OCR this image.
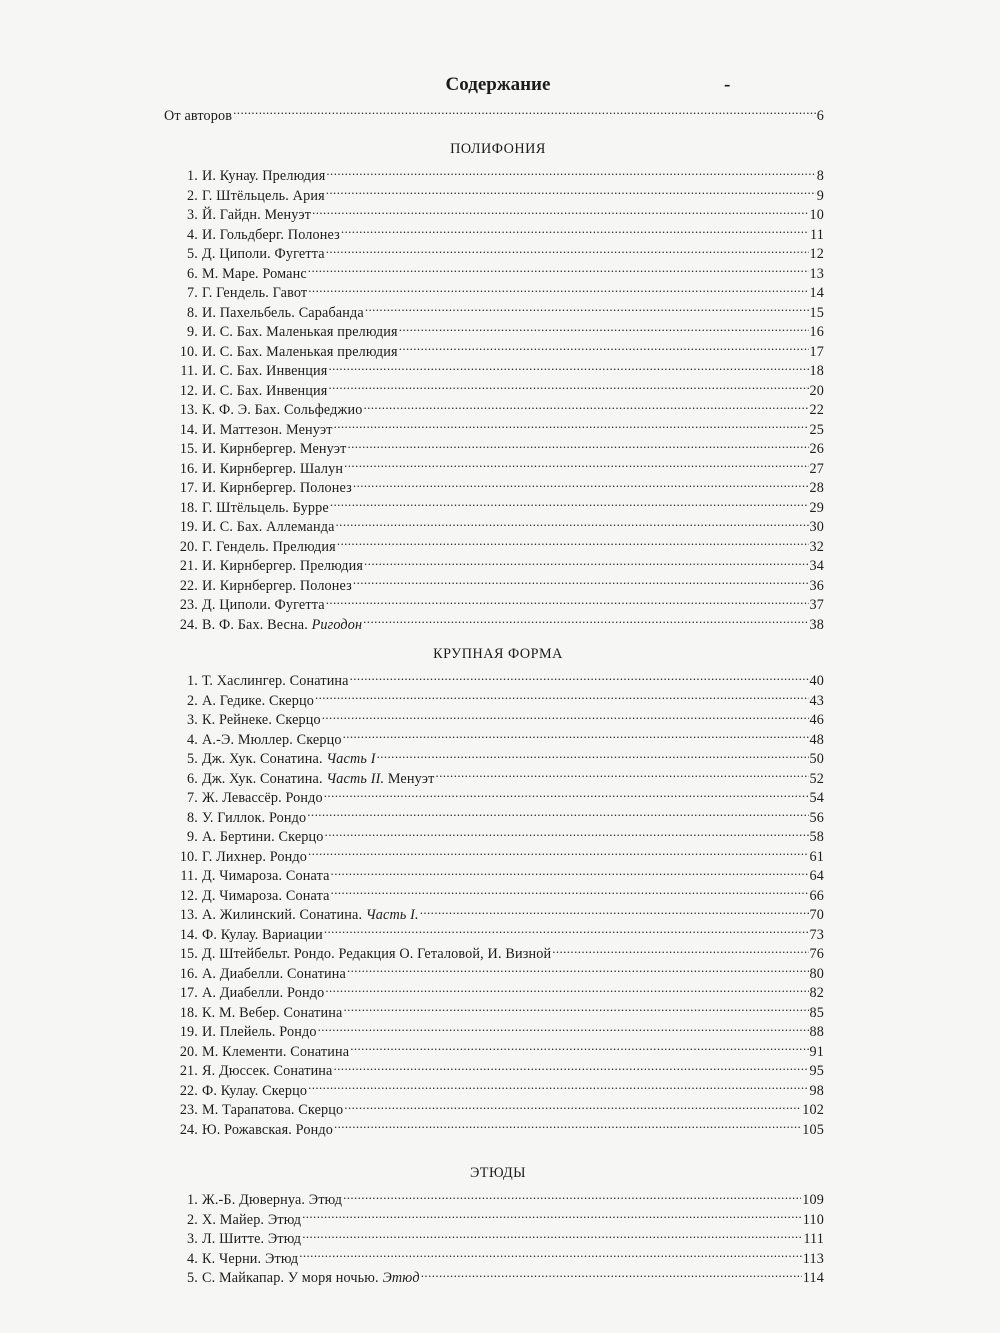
Содержание	-
От авторов .....	6
ПОЛИФОНИЯ
1. И. Кунау. Прелюдия .....	8
2. Г. Штёльцель. Ария .....	9
3. Й. Гайдн. Менуэт .....	10
4. И. Гольдберг. Полонез .....	11
5. Д. Циполи. Фугетта .....	12
6. М. Маре. Романс .....	13
7. Г. Гендель. Гавот .....	14
8. И. Пахельбель. Сарабанда .....	15
9. И. С. Бах. Маленькая прелюдия .....	16
10. И. С. Бах. Маленькая прелюдия .....	17
11. И. С. Бах. Инвенция .....	18
12. И. С. Бах. Инвенция .....	20
13. К. Ф. Э. Бах. Сольфеджио .....	22
14. И. Маттезон. Менуэт .....	25
15. И. Кирнбергер. Менуэт .....	26
16. И. Кирнбергер. Шалун .....	27
17. И. Кирнбергер. Полонез .....	28
18. Г. Штёльцель. Бурре .....	29
19. И. С. Бах. Аллеманда .....	30
20. Г. Гендель. Прелюдия .....	32
21. И. Кирнбергер. Прелюдия .....	34
22. И. Кирнбергер. Полонез .....	36
23. Д. Циполи. Фугетта .....	37
24. В. Ф. Бах. Весна. Ригодон .....	38
КРУПНАЯ ФОРМА
1. Т. Хаслингер. Сонатина .....	40
2. А. Гедике. Скерцо .....	43
3. К. Рейнеке. Скерцо .....	46
4. А.-Э. Мюллер. Скерцо .....	48
5. Дж. Хук. Сонатина. Часть I .....	50
6. Дж. Хук. Сонатина. Часть II. Менуэт .....	52
7. Ж. Левассёр. Рондо .....	54
8. У. Гиллок. Рондо .....	56
9. А. Бертини. Скерцо .....	58
10. Г. Лихнер. Рондо .....	61
11. Д. Чимароза. Соната .....	64
12. Д. Чимароза. Соната .....	66
13. А. Жилинский. Сонатина. Часть I. .....	70
14. Ф. Кулау. Вариации .....	73
15. Д. Штейбельт. Рондо. Редакция О. Геталовой, И. Визной .....	76
16. А. Диабелли. Сонатина .....	80
17. А. Диабелли. Рондо .....	82
18. К. М. Вебер. Сонатина .....	85
19. И. Плейель. Рондо .....	88
20. М. Клементи. Сонатина .....	91
21. Я. Дюссек. Сонатина .....	95
22. Ф. Кулау. Скерцо .....	98
23. М. Тарапатова. Скерцо .....	102
24. Ю. Рожавская. Рондо .....	105
ЭТЮДЫ
1. Ж.-Б. Дювернуа. Этюд .....	109
2. Х. Майер. Этюд .....	110
3. Л. Шитте. Этюд .....	111
4. К. Черни. Этюд .....	113
5. С. Майкапар. У моря ночью. Этюд .....	114
